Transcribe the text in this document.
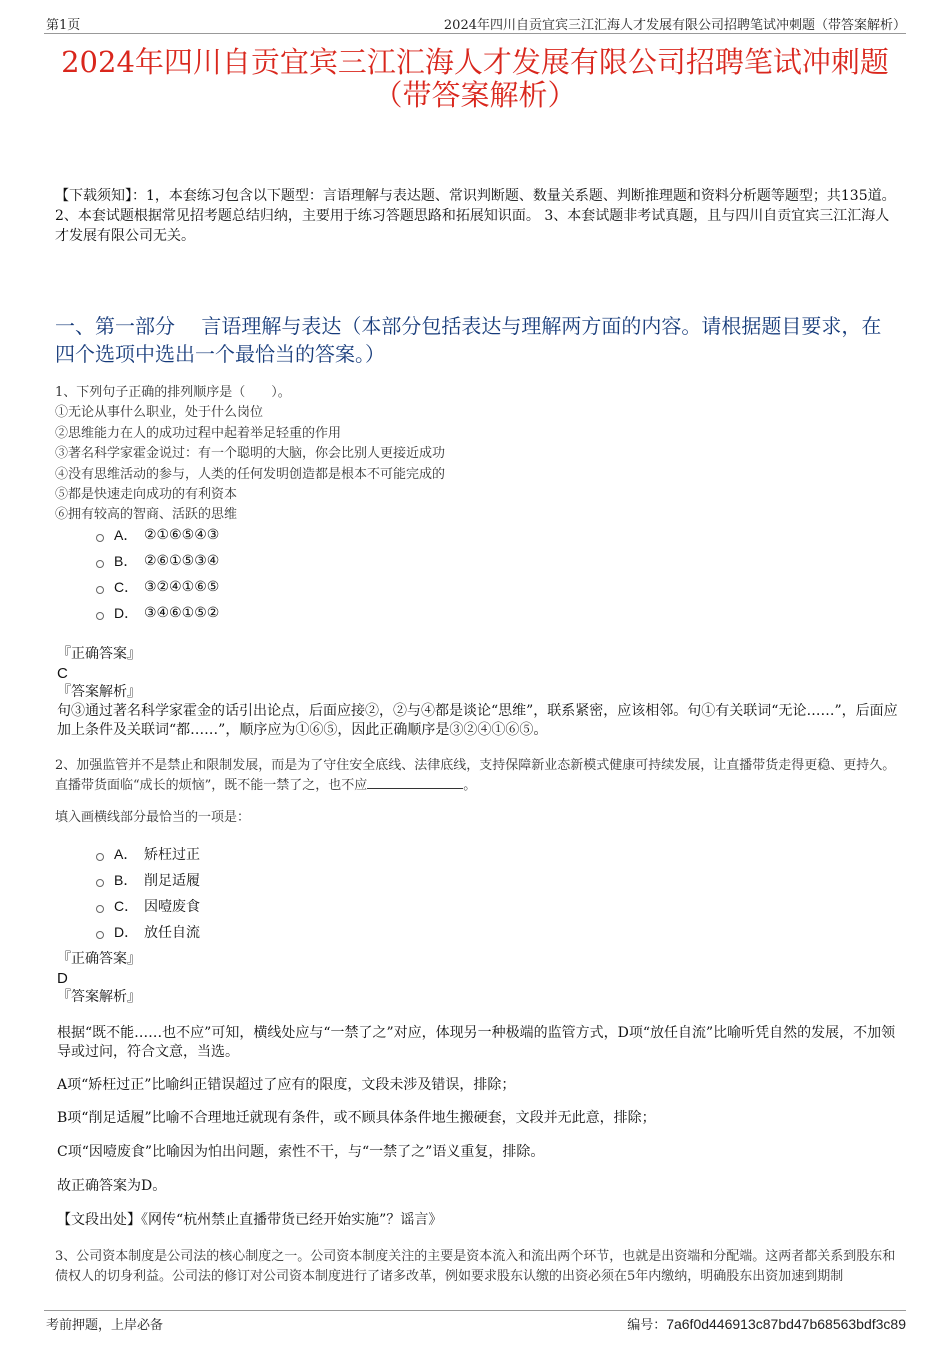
第1页	2024年四川自贡宜宾三江汇海人才发展有限公司招聘笔试冲刺题（带答案解析）
2024年四川自贡宜宾三江汇海人才发展有限公司招聘笔试冲刺题（带答案解析）
【下载须知】：1，本套练习包含以下题型：言语理解与表达题、常识判断题、数量关系题、判断推理题和资料分析题等题型；共135道。 2、本套试题根据常见招考题总结归纳，主要用于练习答题思路和拓展知识面。 3、本套试题非考试真题，且与四川自贡宜宾三江汇海人才发展有限公司无关。
一、第一部分　 言语理解与表达（本部分包括表达与理解两方面的内容。请根据题目要求，在四个选项中选出一个最恰当的答案。）
1、下列句子正确的排列顺序是（　　）。
①无论从事什么职业，处于什么岗位
②思维能力在人的成功过程中起着举足轻重的作用
③著名科学家霍金说过：有一个聪明的大脑，你会比别人更接近成功
④没有思维活动的参与，人类的任何发明创造都是根本不可能完成的
⑤都是快速走向成功的有利资本
⑥拥有较高的智商、活跃的思维
A． ②①⑥⑤④③
B． ②⑥①⑤③④
C． ③②④①⑥⑤
D． ③④⑥①⑤②
『正确答案』
C
『答案解析』
句③通过著名科学家霍金的话引出论点，后面应接②，②与④都是谈论“思维”，联系紧密，应该相邻。句①有关联词“无论……”，后面应加上条件及关联词“都……”，顺序应为①⑥⑤，因此正确顺序是③②④①⑥⑤。
2、加强监管并不是禁止和限制发展，而是为了守住安全底线、法律底线，支持保障新业态新模式健康可持续发展，让直播带货走得更稳、更持久。直播带货面临“成长的烦恼”，既不能一禁了之，也不应	。
填入画横线部分最恰当的一项是：
A． 矫枉过正
B． 削足适履
C． 因噎废食
D． 放任自流
『正确答案』
D
『答案解析』
根据“既不能……也不应”可知，横线处应与“一禁了之”对应，体现另一种极端的监管方式，D项“放任自流”比喻听凭自然的发展，不加领导或过问，符合文意，当选。
A项“矫枉过正”比喻纠正错误超过了应有的限度，文段未涉及错误，排除；
B项“削足适履”比喻不合理地迁就现有条件，或不顾具体条件地生搬硬套，文段并无此意，排除；
C项“因噎废食”比喻因为怕出问题，索性不干，与“一禁了之”语义重复，排除。
故正确答案为D。
【文段出处】《网传“杭州禁止直播带货已经开始实施”？谣言》
3、公司资本制度是公司法的核心制度之一。公司资本制度关注的主要是资本流入和流出两个环节，也就是出资端和分配端。这两者都关系到股东和债权人的切身利益。公司法的修订对公司资本制度进行了诸多改革，例如要求股东认缴的出资必须在5年内缴纳，明确股东出资加速到期制
考前押题，上岸必备	编号：7a6f0d446913c87bd47b68563bdf3c89
